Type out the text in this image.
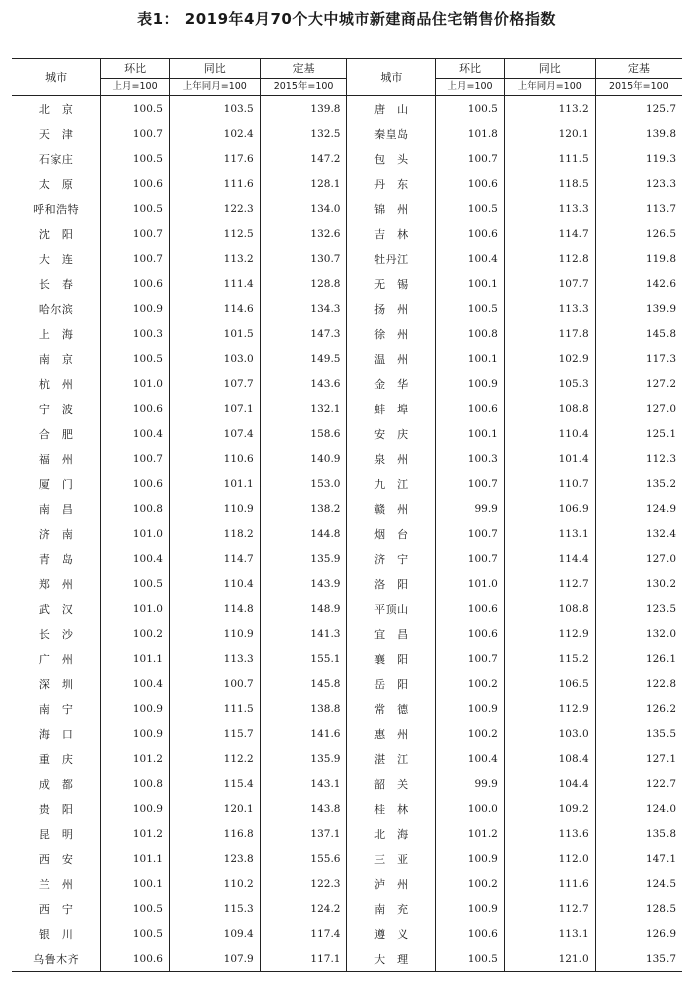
表1： 2019年4月70个大中城市新建商品住宅销售价格指数
城市	环比	同比	定基	城市	环比	同比	定基
	上月=100	上年同月=100	2015年=100		上月=100	上年同月=100	2015年=100
北　京	100.5	103.5	139.8	唐　山	100.5	113.2	125.7
天　津	100.7	102.4	132.5	秦皇岛	101.8	120.1	139.8
石家庄	100.5	117.6	147.2	包　头	100.7	111.5	119.3
太　原	100.6	111.6	128.1	丹　东	100.6	118.5	123.3
呼和浩特	100.5	122.3	134.0	锦　州	100.5	113.3	113.7
沈　阳	100.7	112.5	132.6	吉　林	100.6	114.7	126.5
大　连	100.7	113.2	130.7	牡丹江	100.4	112.8	119.8
长　春	100.6	111.4	128.8	无　锡	100.1	107.7	142.6
哈尔滨	100.9	114.6	134.3	扬　州	100.5	113.3	139.9
上　海	100.3	101.5	147.3	徐　州	100.8	117.8	145.8
南　京	100.5	103.0	149.5	温　州	100.1	102.9	117.3
杭　州	101.0	107.7	143.6	金　华	100.9	105.3	127.2
宁　波	100.6	107.1	132.1	蚌　埠	100.6	108.8	127.0
合　肥	100.4	107.4	158.6	安　庆	100.1	110.4	125.1
福　州	100.7	110.6	140.9	泉　州	100.3	101.4	112.3
厦　门	100.6	101.1	153.0	九　江	100.7	110.7	135.2
南　昌	100.8	110.9	138.2	赣　州	99.9	106.9	124.9
济　南	101.0	118.2	144.8	烟　台	100.7	113.1	132.4
青　岛	100.4	114.7	135.9	济　宁	100.7	114.4	127.0
郑　州	100.5	110.4	143.9	洛　阳	101.0	112.7	130.2
武　汉	101.0	114.8	148.9	平顶山	100.6	108.8	123.5
长　沙	100.2	110.9	141.3	宜　昌	100.6	112.9	132.0
广　州	101.1	113.3	155.1	襄　阳	100.7	115.2	126.1
深　圳	100.4	100.7	145.8	岳　阳	100.2	106.5	122.8
南　宁	100.9	111.5	138.8	常　德	100.9	112.9	126.2
海　口	100.9	115.7	141.6	惠　州	100.2	103.0	135.5
重　庆	101.2	112.2	135.9	湛　江	100.4	108.4	127.1
成　都	100.8	115.4	143.1	韶　关	99.9	104.4	122.7
贵　阳	100.9	120.1	143.8	桂　林	100.0	109.2	124.0
昆　明	101.2	116.8	137.1	北　海	101.2	113.6	135.8
西　安	101.1	123.8	155.6	三　亚	100.9	112.0	147.1
兰　州	100.1	110.2	122.3	泸　州	100.2	111.6	124.5
西　宁	100.5	115.3	124.2	南　充	100.9	112.7	128.5
银　川	100.5	109.4	117.4	遵　义	100.6	113.1	126.9
乌鲁木齐	100.6	107.9	117.1	大　理	100.5	121.0	135.7
